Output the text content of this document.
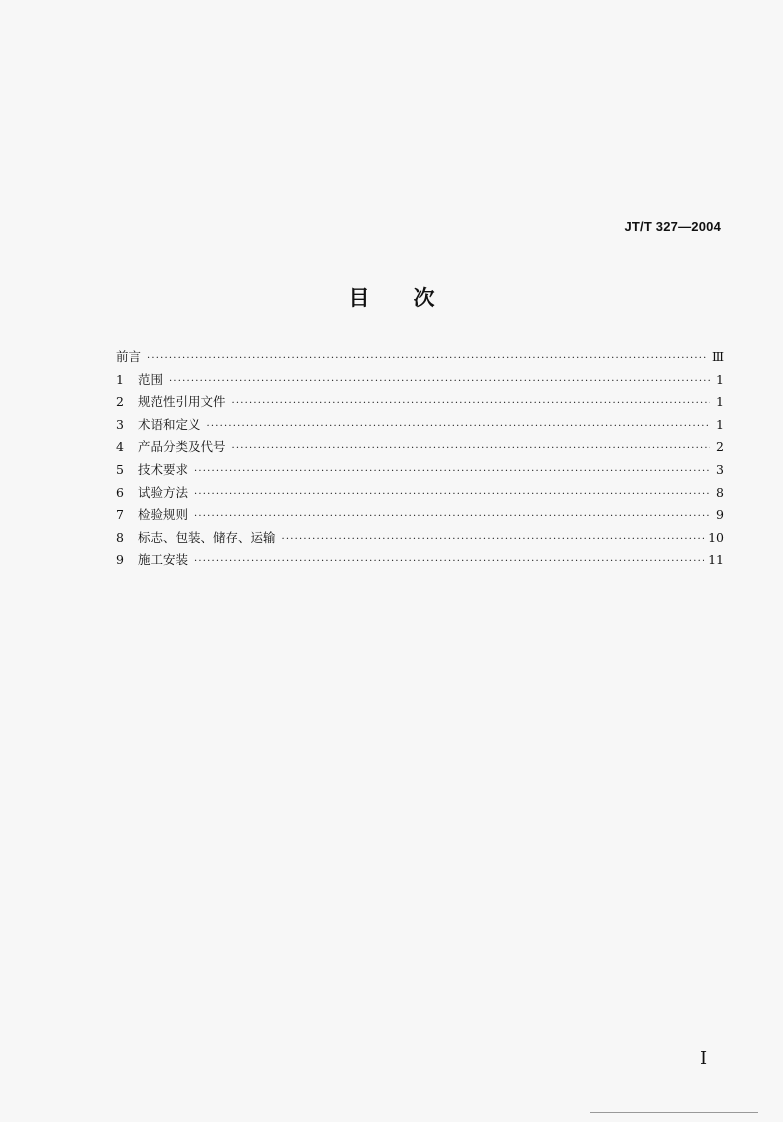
JT/T 327—2004
目 次
前言 ·····	Ⅲ
1	范围 ·····	1
2	规范性引用文件 ·····	1
3	术语和定义 ·····	1
4	产品分类及代号 ·····	2
5	技术要求 ·····	3
6	试验方法 ·····	8
7	检验规则 ·····	9
8	标志、包装、储存、运输 ·····	10
9	施工安装 ·····	11
I
